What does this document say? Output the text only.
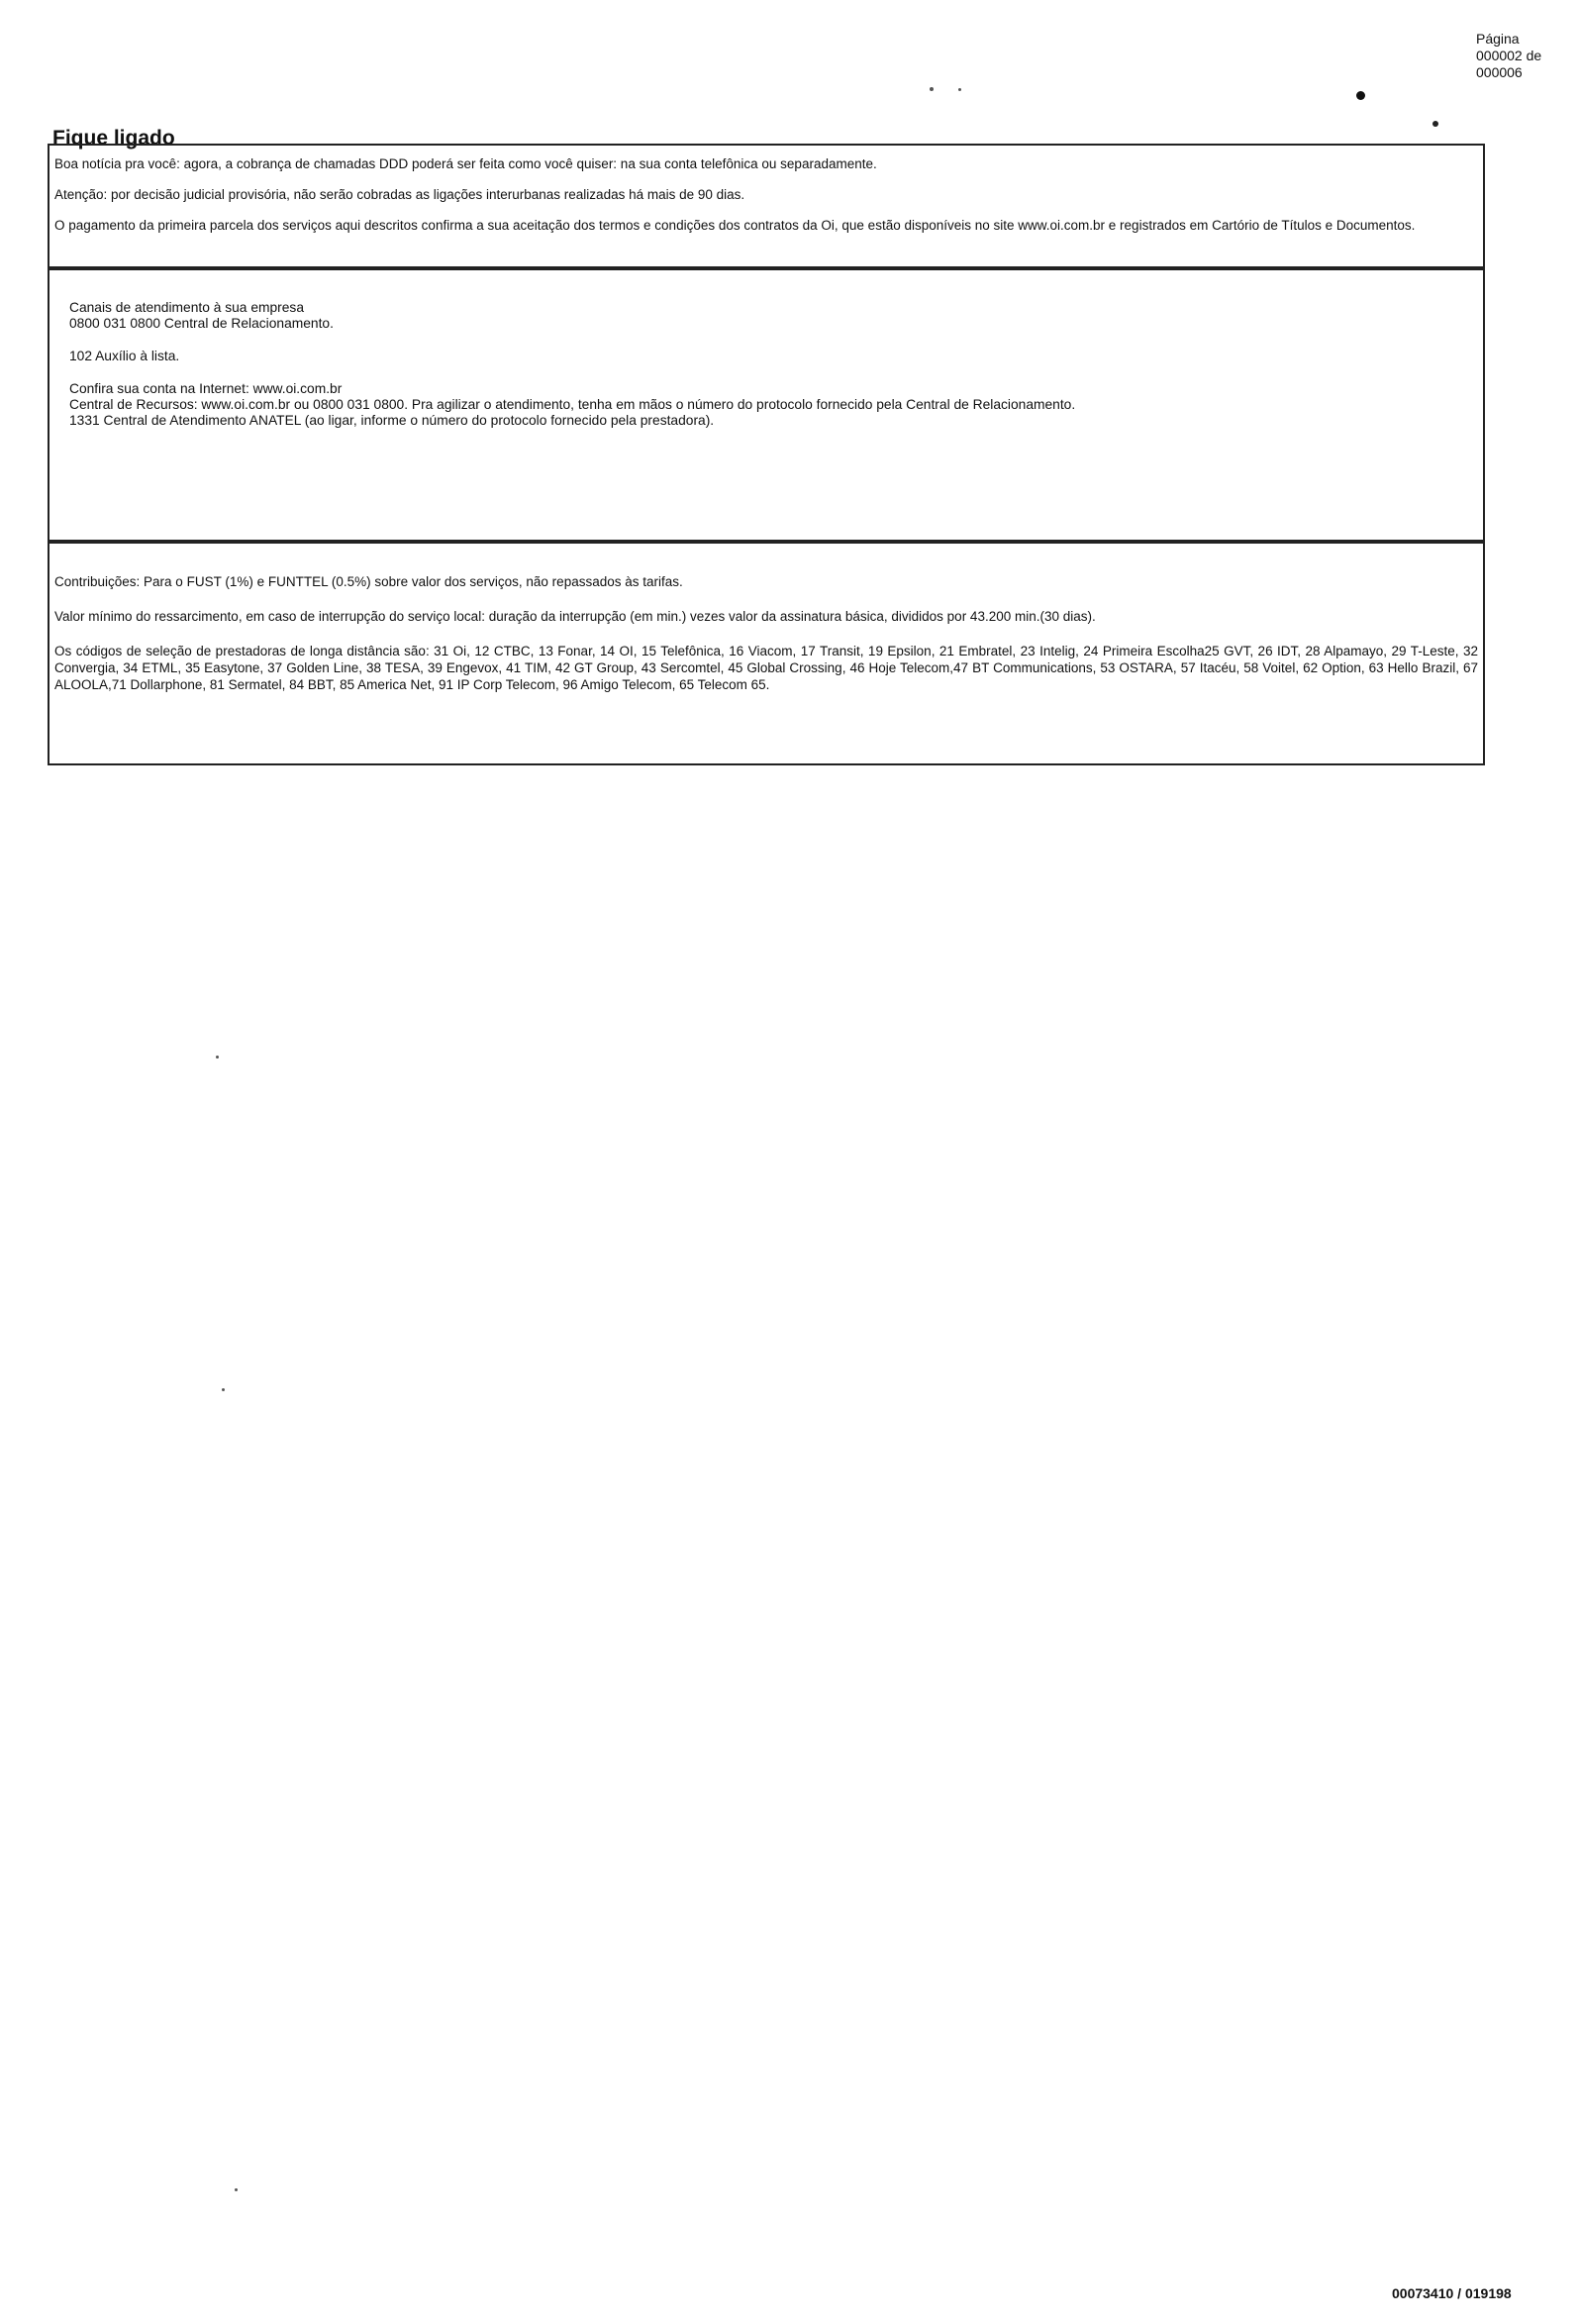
Página
000002 de
000006
Fique ligado

Boa notícia pra você: agora, a cobrança de chamadas DDD poderá ser feita como você quiser: na sua conta telefônica ou separadamente.

Atenção: por decisão judicial provisória, não serão cobradas as ligações interurbanas realizadas há mais de 90 dias.

O pagamento da primeira parcela dos serviços aqui descritos confirma a sua aceitação dos termos e condições dos contratos da Oi, que estão disponíveis no site www.oi.com.br e registrados em Cartório de Títulos e Documentos.

Canais de atendimento à sua empresa

0800 031 0800 Central de Relacionamento.

102 Auxílio à lista.

Confira sua conta na Internet: www.oi.com.br

Central de Recursos: www.oi.com.br ou 0800 031 0800. Pra agilizar o atendimento, tenha em mãos o número do protocolo fornecido pela Central de Relacionamento.

1331 Central de Atendimento ANATEL (ao ligar, informe o número do protocolo fornecido pela prestadora).

Contribuições: Para o FUST (1%) e FUNTTEL (0.5%) sobre valor dos serviços, não repassados às tarifas.

Valor mínimo do ressarcimento, em caso de interrupção do serviço local: duração da interrupção (em min.) vezes valor da assinatura básica, divididos por 43.200 min.(30 dias).

Os códigos de seleção de prestadoras de longa distância são: 31 Oi, 12 CTBC, 13 Fonar, 14 OI, 15 Telefônica, 16 Viacom, 17 Transit, 19 Epsilon, 21 Embratel, 23 Intelig, 24 Primeira Escolha25 GVT, 26 IDT, 28 Alpamayo, 29 T-Leste, 32 Convergia, 34 ETML, 35 Easytone, 37 Golden Line, 38 TESA, 39 Engevox, 41 TIM, 42 GT Group, 43 Sercomtel, 45 Global Crossing, 46 Hoje Telecom,47 BT Communications, 53 OSTARA, 57 Itacéu, 58 Voitel, 62 Option, 63 Hello Brazil, 67 ALOOLA,71 Dollarphone, 81 Sermatel, 84 BBT, 85 America Net, 91 IP Corp Telecom, 96 Amigo Telecom, 65 Telecom 65.

00073410 / 019198
